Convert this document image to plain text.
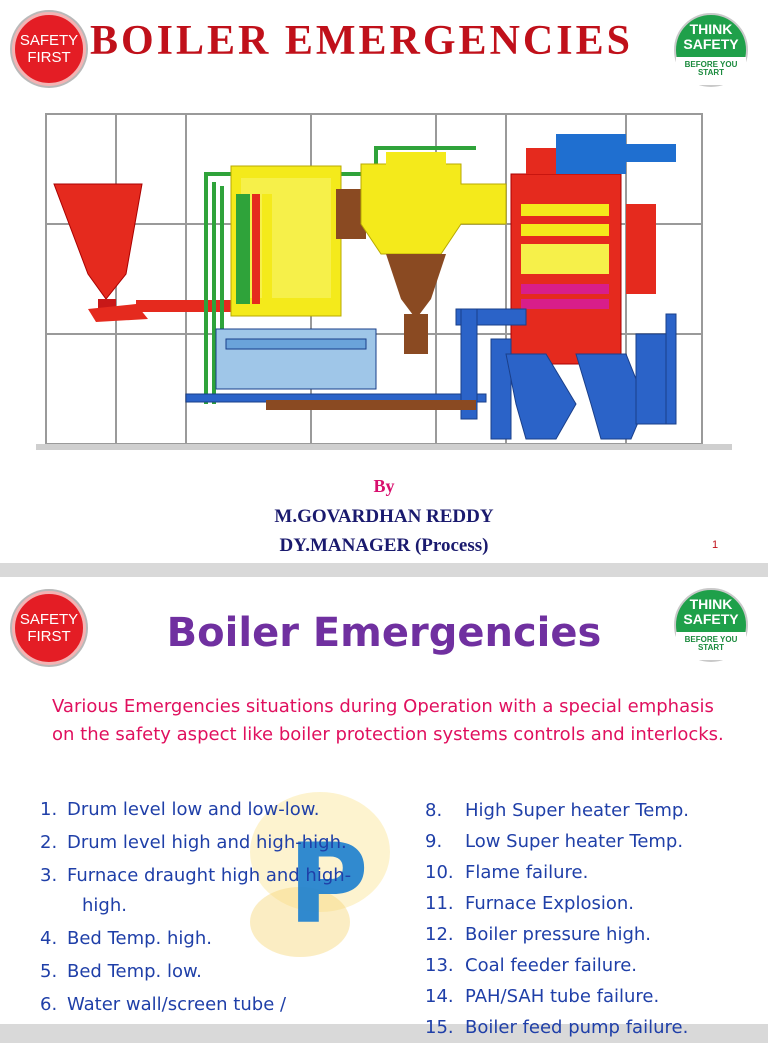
SAFETY
FIRST BOILER EMERGENCIES	THINK
SAFETY
BEFORE YOU
START
By
M.GOVARDHAN REDDY
DY.MANAGER (Process)	1
SAFETY
FIRST
THINK
SAFETY
BEFORE YOU
START
Boiler Emergencies
Various Emergencies situations during Operation with a special emphasis on the safety aspect like boiler protection systems controls and interlocks.
P
1. Drum level low and low-low.
2. Drum level high and high-high.
3. Furnace draught high and high-
high.
4. Bed Temp. high.
5. Bed Temp. low.
6. Water wall/screen tube /
8. High Super heater Temp.
9. Low Super heater Temp.
10. Flame failure.
11. Furnace Explosion.
12. Boiler pressure high.
13. Coal feeder failure.
14. PAH/SAH tube failure.
15. Boiler feed pump failure.
